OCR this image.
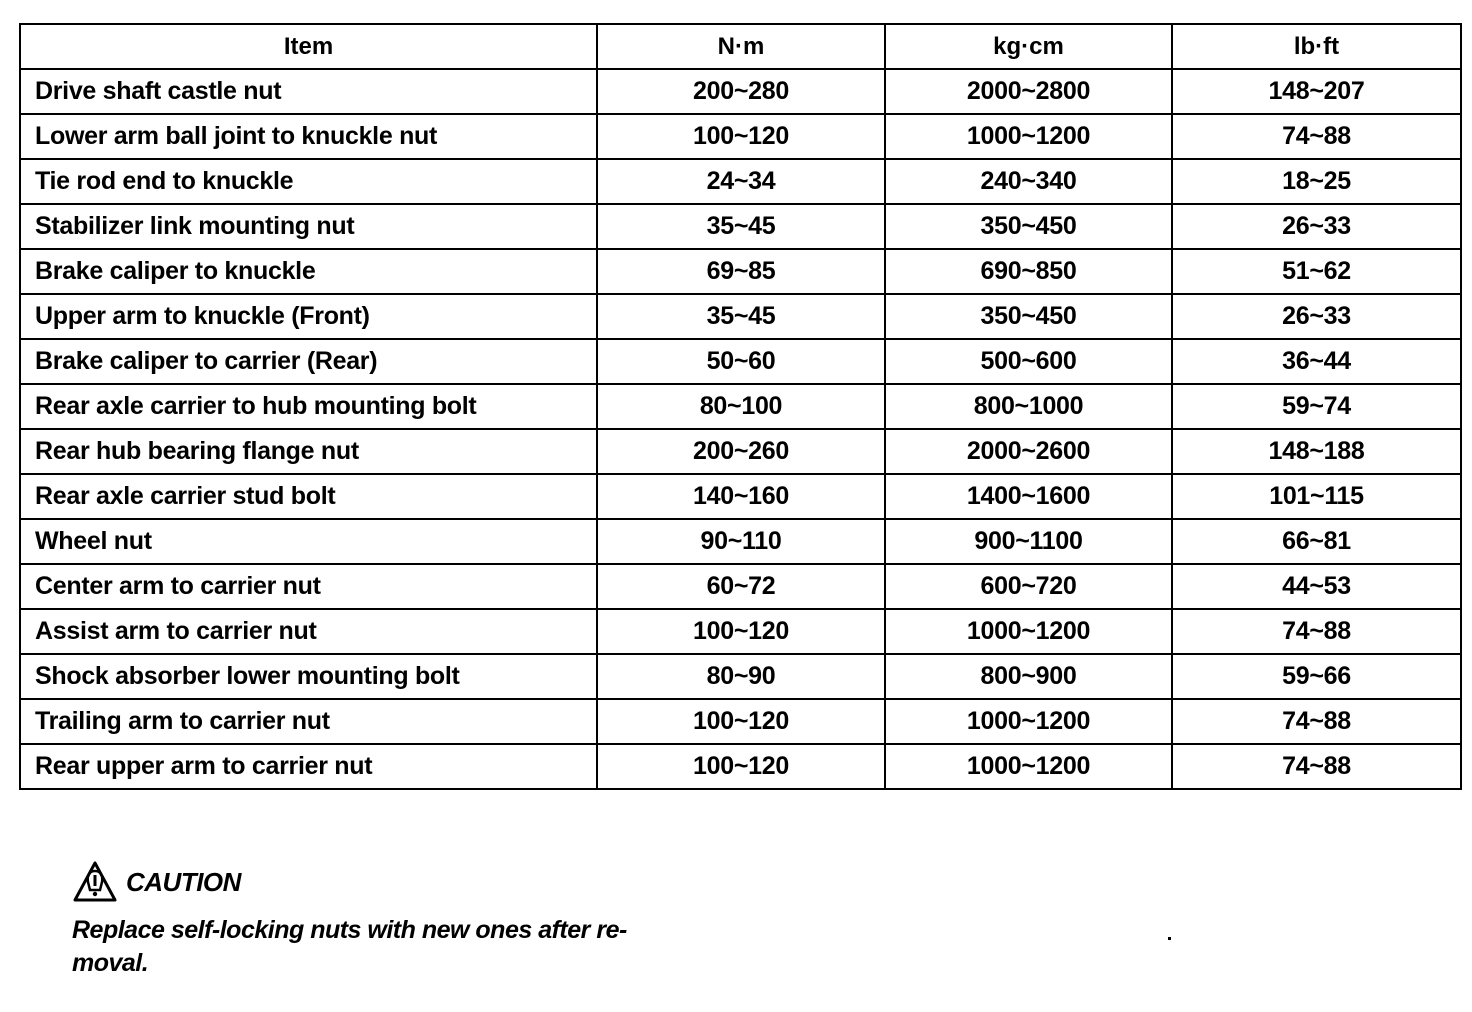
Item	N·m	kg·cm	lb·ft
Drive shaft castle nut	200~280	2000~2800	148~207
Lower arm ball joint to knuckle nut	100~120	1000~1200	74~88
Tie rod end to knuckle	24~34	240~340	18~25
Stabilizer link mounting nut	35~45	350~450	26~33
Brake caliper to knuckle	69~85	690~850	51~62
Upper arm to knuckle (Front)	35~45	350~450	26~33
Brake caliper to carrier (Rear)	50~60	500~600	36~44
Rear axle carrier to hub mounting bolt	80~100	800~1000	59~74
Rear hub bearing flange nut	200~260	2000~2600	148~188
Rear axle carrier stud bolt	140~160	1400~1600	101~115
Wheel nut	90~110	900~1100	66~81
Center arm to carrier nut	60~72	600~720	44~53
Assist arm to carrier nut	100~120	1000~1200	74~88
Shock absorber lower mounting bolt	80~90	800~900	59~66
Trailing arm to carrier nut	100~120	1000~1200	74~88
Rear upper arm to carrier nut	100~120	1000~1200	74~88
CAUTION
Replace self-locking nuts with new ones after re-
moval.
